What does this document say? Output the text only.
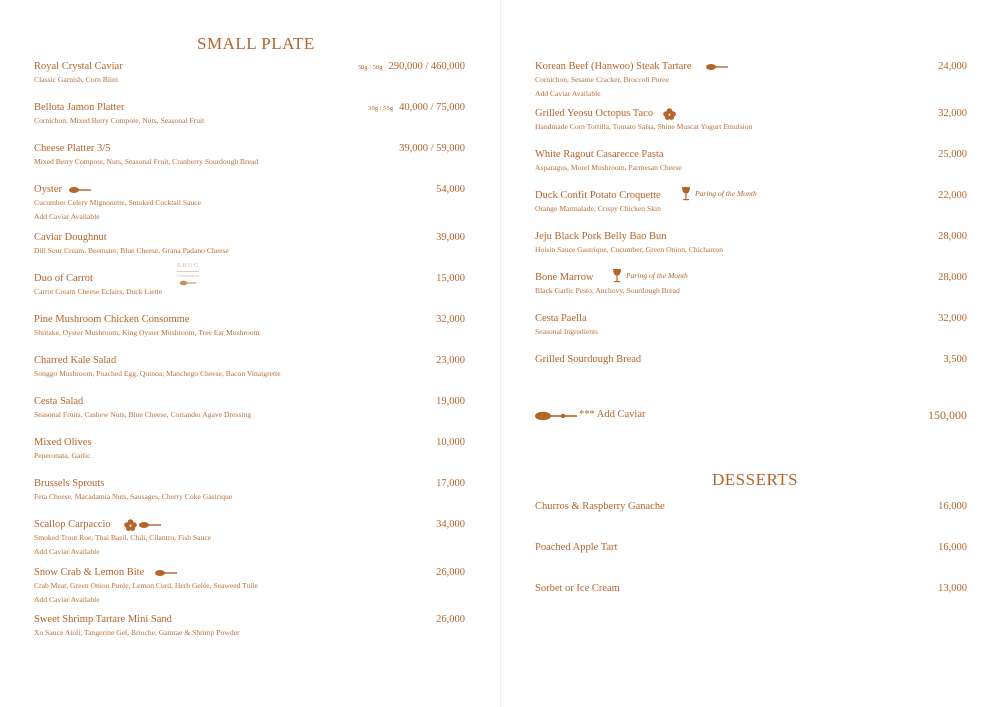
SMALL PLATE
Royal Crystal Caviar	30g / 50g 290,000 / 460,000
Classic Garnish, Corn Blini
Bellota Jamon Platter	30g / 55g 40,000 / 75,000
Cornichon, Mixed Berry Compote, Nuts, Seasonal Fruit
Cheese Platter 3/5	39,000 / 59,000
Mixed Berry Compote, Nuts, Seasonal Fruit, Cranberry Sourdough Bread
Oyster	54,000
Cucumber Celery Mignonette, Smoked Cocktail Sauce
Add Caviar Available
Caviar Doughnut	39,000
Dill Sour Cream, Beemster, Blue Cheese, Grana Padano Cheese
Duo of Carrot	15,000
Carrot Cream Cheese Eclairs, Duck Liette
KRUG
Celebration
Pine Mushroom Chicken Consomme	32,000
Shiitake, Oyster Mushroom, King Oyster Mushroom, Tree Ear Mushroom
Charred Kale Salad	23,000
Songgo Mushroom, Poached Egg, Quinoa, Manchego Cheese, Bacon Vinaigrette
Cesta Salad	19,000
Seasonal Fruits, Cashew Nuts, Blue Cheese, Coriander Agave Dressing
Mixed Olives	10,000
Peperonata, Garlic
Brussels Sprouts	17,000
Feta Cheese, Macadamia Nuts, Sausages, Cherry Coke Gastrique
Scallop Carpaccio	34,000
Smoked Trout Roe, Thai Basil, Chili, Cilantro, Fish Sauce
Add Caviar Available
Snow Crab & Lemon Bite	26,000
Crab Meat, Green Onion Purée, Lemon Curd, Herb Gelée, Seaweed Tuile
Add Caviar Available
Sweet Shrimp Tartare Mini Sand	26,000
Xo Sauce Aioli, Tangerine Gel, Brioche, Gamtae & Shrimp Powder
Korean Beef (Hanwoo) Steak Tartare	24,000
Cornichon, Sesame Cracker, Broccoli Puree
Add Caviar Available
Grilled Yeosu Octopus Taco	32,000
Handmade Corn Tortilla, Tomato Salsa, Shine Muscat Yogurt Emulsion
White Ragout Casarecce Pasta	25,000
Asparagus, Morel Mushroom, Parmesan Cheese
Duck Confit Potato Croquette	22,000
Orange Marmalade, Crispy Chicken Skin
Paring of the Month
Jeju Black Pork Belly Bao Bun	28,000
Hoisin Sauce Gastrique, Cucumber, Green Onion, Chicharron
Bone Marrow	28,000
Black Garlic Pesto, Anchovy, Sourdough Bread
Paring of the Month
Cesta Paella	32,000
Seasonal Ingredients
Grilled Sourdough Bread	3,500
*** Add Caviar	150,000
DESSERTS
Churros & Raspberry Ganache	16,000
Poached Apple Tart	16,000
Sorbet or Ice Cream	13,000
